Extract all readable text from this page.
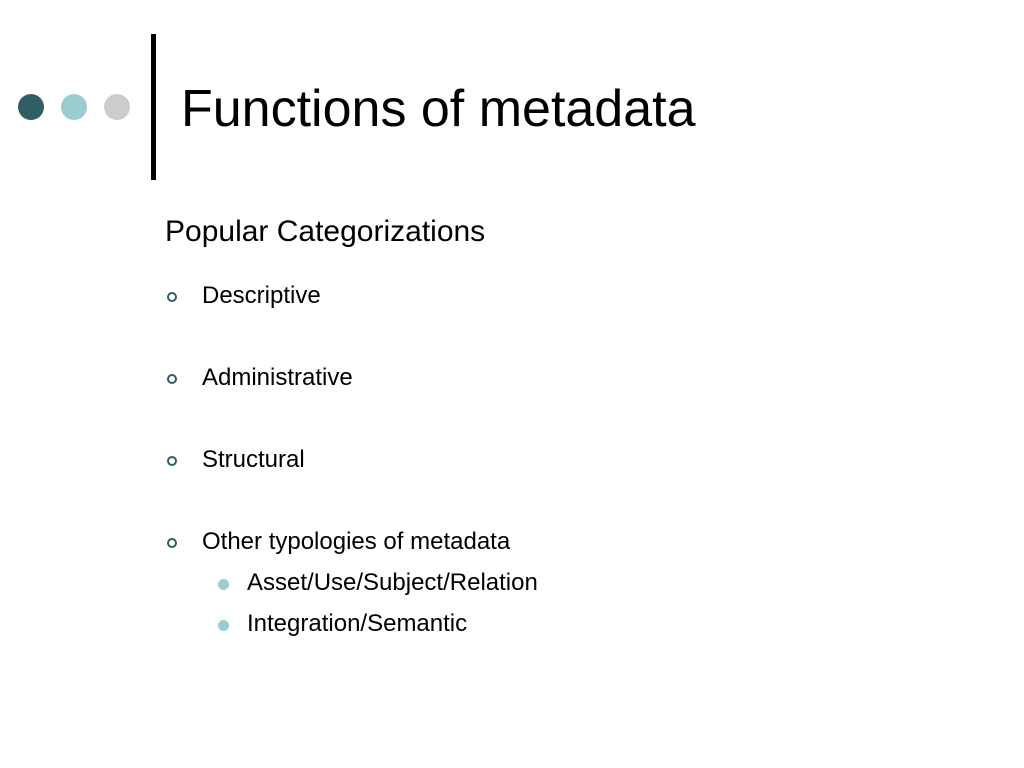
Functions of metadata
Popular Categorizations
Descriptive
Administrative
Structural
Other typologies of metadata
Asset/Use/Subject/Relation
Integration/Semantic
